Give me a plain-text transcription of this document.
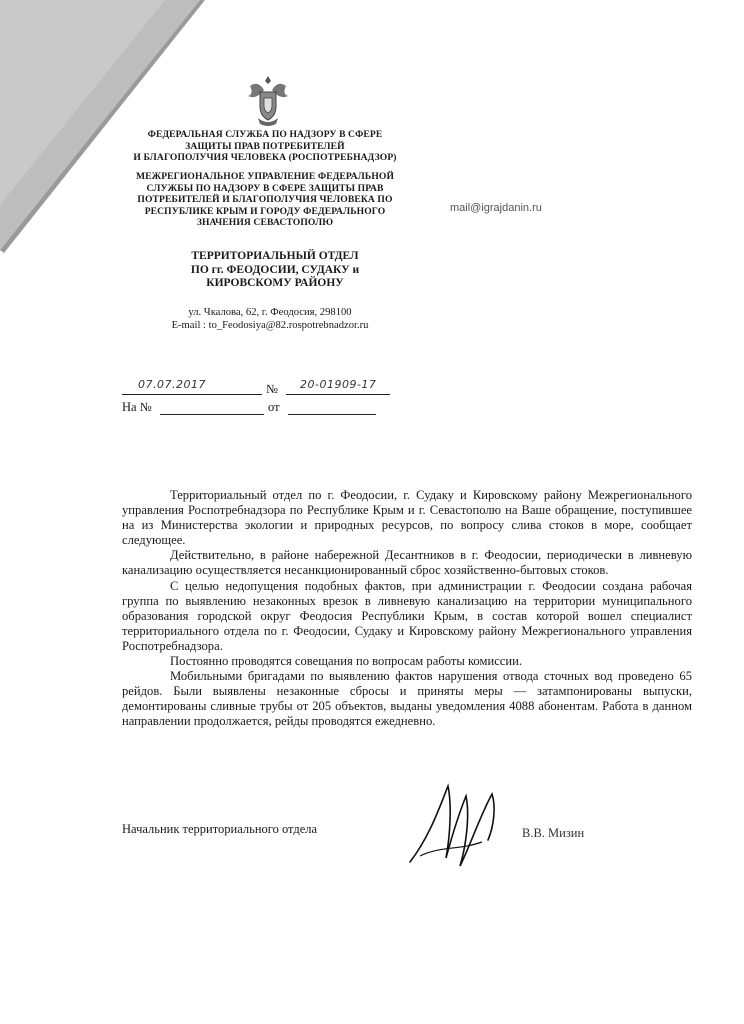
ФЕДЕРАЛЬНАЯ СЛУЖБА ПО НАДЗОРУ В СФЕРЕ
ЗАЩИТЫ ПРАВ ПОТРЕБИТЕЛЕЙ
И БЛАГОПОЛУЧИЯ ЧЕЛОВЕКА (РОСПОТРЕБНАДЗОР)
МЕЖРЕГИОНАЛЬНОЕ УПРАВЛЕНИЕ ФЕДЕРАЛЬНОЙ
СЛУЖБЫ ПО НАДЗОРУ В СФЕРЕ ЗАЩИТЫ ПРАВ
ПОТРЕБИТЕЛЕЙ И БЛАГОПОЛУЧИЯ ЧЕЛОВЕКА ПО
РЕСПУБЛИКЕ КРЫМ И ГОРОДУ ФЕДЕРАЛЬНОГО
ЗНАЧЕНИЯ СЕВАСТОПОЛЮ
ТЕРРИТОРИАЛЬНЫЙ ОТДЕЛ
ПО гг. ФЕОДОСИИ, СУДАКУ и
КИРОВСКОМУ РАЙОНУ
ул. Чкалова, 62, г. Феодосия, 298100
E-mail : to_Feodosiya@82.rospotrebnadzor.ru
mail@igrajdanin.ru
07.07.2017	№ 20-01909-17
На №	от

Территориальный отдел по г. Феодосии, г. Судаку и Кировскому району Межрегионального управления Роспотребнадзора по Республике Крым и г. Севастополю на Ваше обращение, поступившее на из Министерства экологии и природных ресурсов, по вопросу слива стоков в море, сообщает следующее.

Действительно, в районе набережной Десантников в г. Феодосии, периодически в ливневую канализацию осуществляется несанкционированный сброс хозяйственно-бытовых стоков.

С целью недопущения подобных фактов, при администрации г. Феодосии создана рабочая группа по выявлению незаконных врезок в ливневую канализацию на территории муниципального образования городской округ Феодосия Республики Крым, в состав которой вошел специалист территориального отдела по г. Феодосии, Судаку и Кировскому району Межрегионального управления Роспотребнадзора.

Постоянно проводятся совещания по вопросам работы комиссии.

Мобильными бригадами по выявлению фактов нарушения отвода сточных вод проведено 65 рейдов. Были выявлены незаконные сбросы и приняты меры — затампонированы выпуски, демонтированы сливные трубы от 205 объектов, выданы уведомления 4088 абонентам. Работа в данном направлении продолжается, рейды проводятся ежедневно.

Начальник территориального отдела	В.В. Мизин
